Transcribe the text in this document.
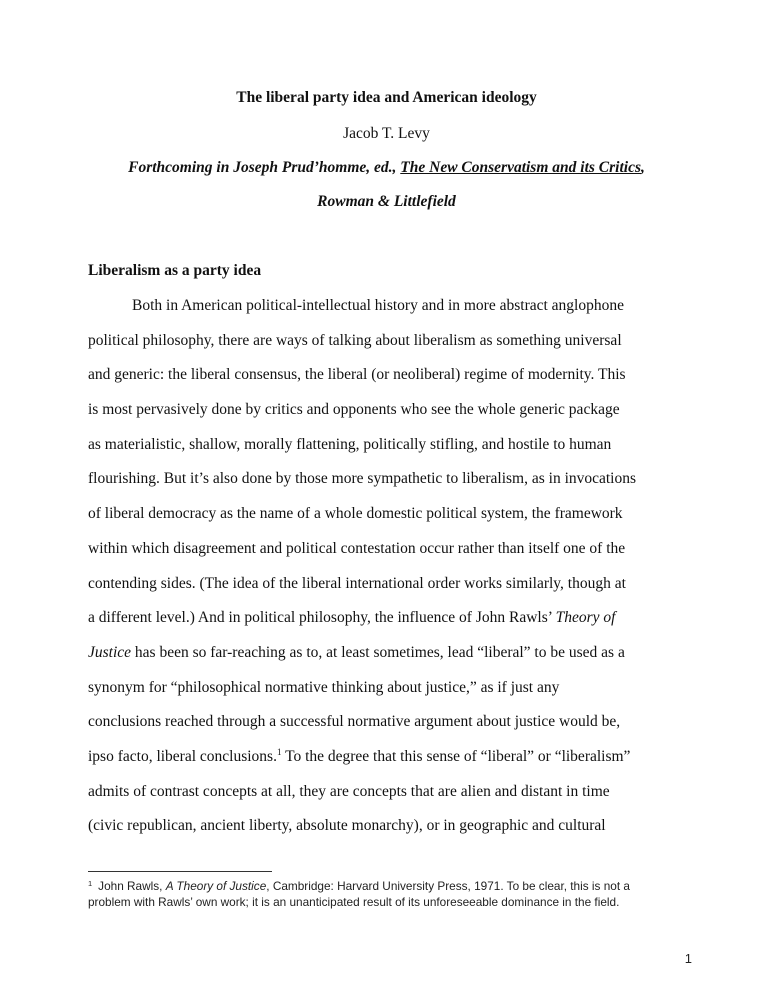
The liberal party idea and American ideology
Jacob T. Levy
Forthcoming in Joseph Prud’homme, ed., The New Conservatism and its Critics,
Rowman & Littlefield
Liberalism as a party idea
Both in American political-intellectual history and in more abstract anglophone
political philosophy, there are ways of talking about liberalism as something universal
and generic: the liberal consensus, the liberal (or neoliberal) regime of modernity. This
is most pervasively done by critics and opponents who see the whole generic package
as materialistic, shallow, morally flattening, politically stifling, and hostile to human
flourishing. But it’s also done by those more sympathetic to liberalism, as in invocations
of liberal democracy as the name of a whole domestic political system, the framework
within which disagreement and political contestation occur rather than itself one of the
contending sides. (The idea of the liberal international order works similarly, though at
a different level.) And in political philosophy, the influence of John Rawls’ Theory of
Justice has been so far-reaching as to, at least sometimes, lead “liberal” to be used as a
synonym for “philosophical normative thinking about justice,” as if just any
conclusions reached through a successful normative argument about justice would be,
ipso facto, liberal conclusions.$^1$ To the degree that this sense of “liberal” or “liberalism”
admits of contrast concepts at all, they are concepts that are alien and distant in time
(civic republican, ancient liberty, absolute monarchy), or in geographic and cultural
$^1$ John Rawls, A Theory of Justice, Cambridge: Harvard University Press, 1971. To be clear, this is not a
problem with Rawls’ own work; it is an unanticipated result of its unforeseeable dominance in the field.
1
